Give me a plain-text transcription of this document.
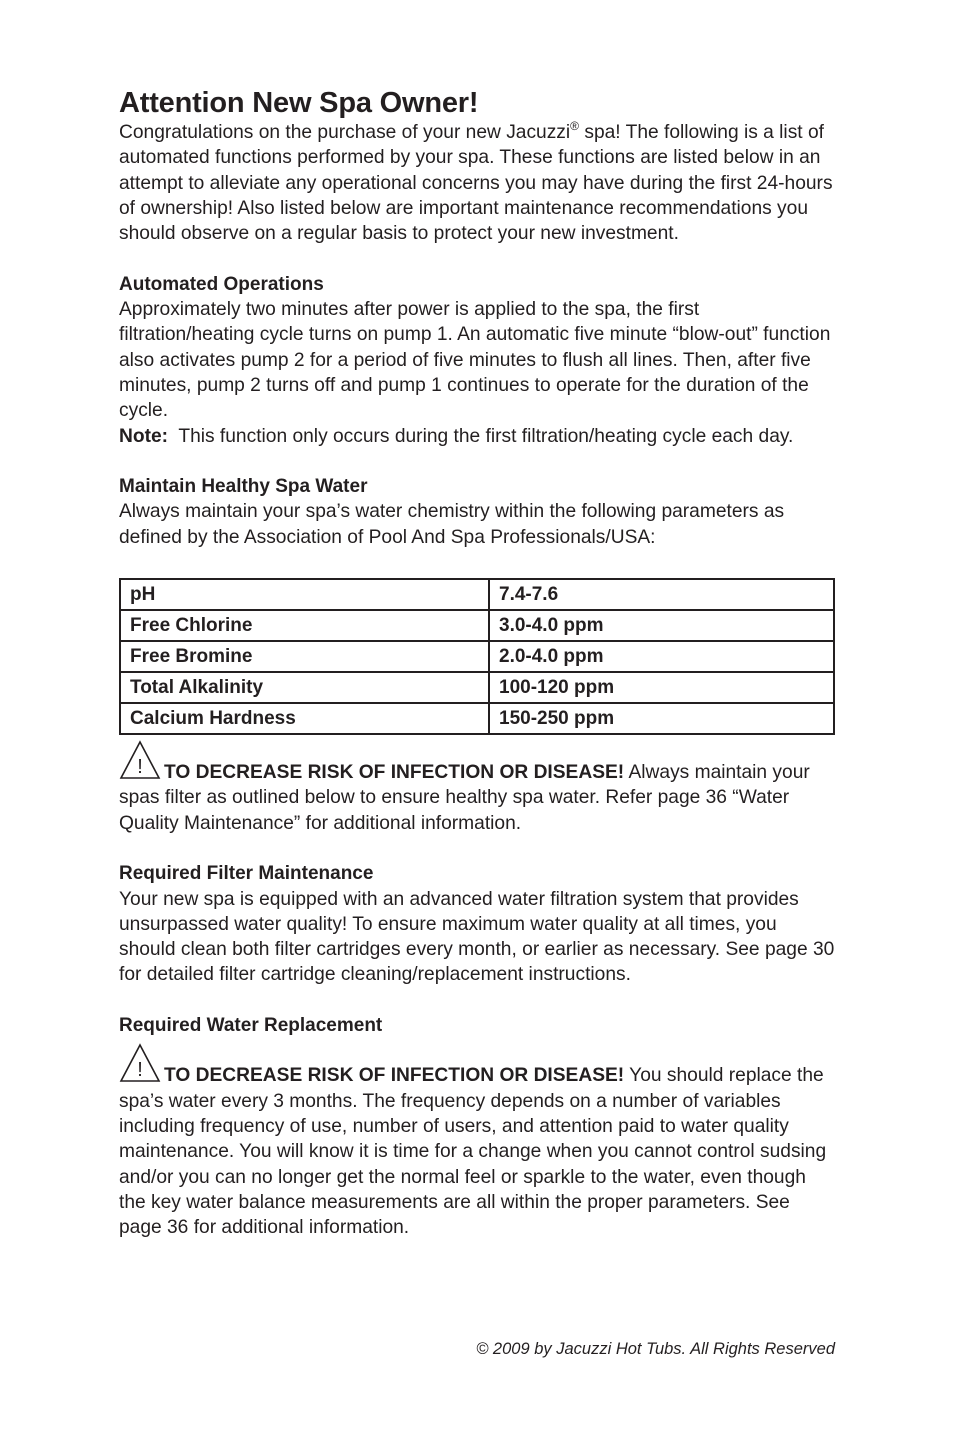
Attention New Spa Owner!

Congratulations on the purchase of your new Jacuzzi® spa! The following is a list of automated functions performed by your spa. These functions are listed below in an attempt to alleviate any operational concerns you may have during the first 24-hours of ownership! Also listed below are important maintenance recommendations you should observe on a regular basis to protect your new investment.

Automated Operations

Approximately two minutes after power is applied to the spa, the first filtration/heating cycle turns on pump 1. An automatic five minute “blow-out” function also activates pump 2 for a period of five minutes to flush all lines. Then, after five minutes, pump 2 turns off and pump 1 continues to operate for the duration of the cycle.

Note:  This function only occurs during the first filtration/heating cycle each day.

Maintain Healthy Spa Water

Always maintain your spa’s water chemistry within the following parameters as defined by the Association of Pool And Spa Professionals/USA:

pH	7.4-7.6
Free Chlorine	3.0-4.0 ppm
Free Bromine	2.0-4.0 ppm
Total Alkalinity	100-120 ppm
Calcium Hardness	150-250 ppm

! TO DECREASE RISK OF INFECTION OR DISEASE! Always maintain your spas filter as outlined below to ensure healthy spa water. Refer page 36 “Water Quality Maintenance” for additional information.

Required Filter Maintenance

Your new spa is equipped with an advanced water filtration system that provides unsurpassed water quality! To ensure maximum water quality at all times, you should clean both filter cartridges every month, or earlier as necessary. See page 30 for detailed filter cartridge cleaning/replacement instructions.

Required Water Replacement

! TO DECREASE RISK OF INFECTION OR DISEASE! You should replace the spa’s water every 3 months. The frequency depends on a number of variables including frequency of use, number of users, and attention paid to water quality maintenance. You will know it is time for a change when you cannot control sudsing and/or you can no longer get the normal feel or sparkle to the water, even though the key water balance measurements are all within the proper parameters. See page 36 for additional information.

© 2009 by Jacuzzi Hot Tubs. All Rights Reserved
